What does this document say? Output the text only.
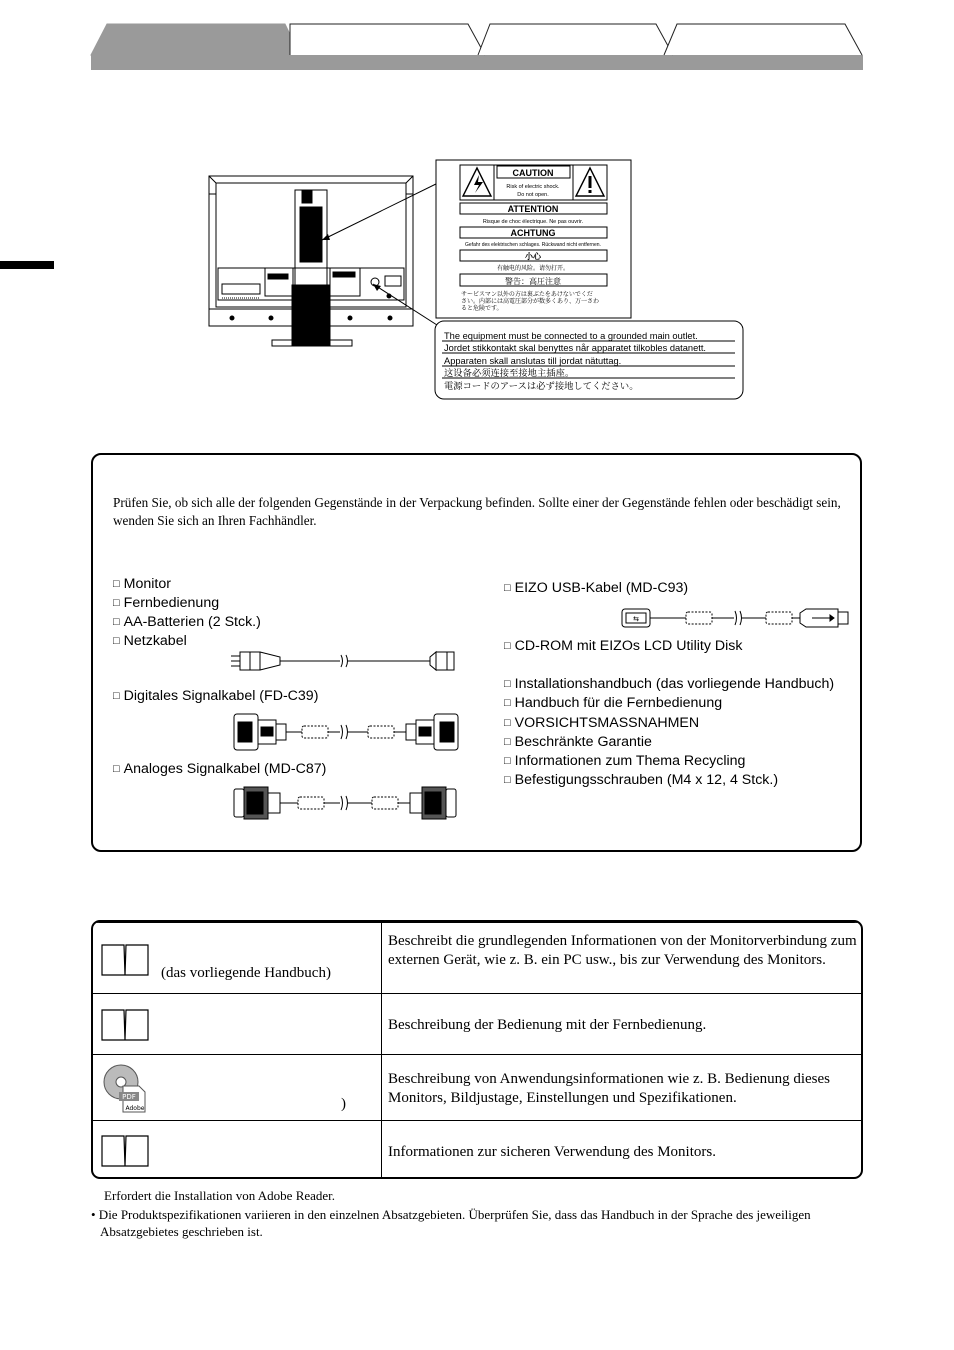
CAUTION
Risk of electric shock.
Do not open.
ATTENTION
Risque de choc électrique. Ne pas ouvrir.
ACHTUNG
Gefahr des elektrischen schlages. Rückwand nicht entfernen.
小心
有触电的风险。请勿打开。
警告：高圧注意
サービスマン以外の方は裏ぶたをあけないでくだ
さい。内部には高電圧部分が数多くあり、万一さわ
ると危険です。
The equipment must be connected to a grounded main outlet.
Jordet stikkontakt skal benyttes når apparatet tilkobles datanett.
Apparaten skall anslutas till jordat nätuttag.
这设备必须连接至接地主插座。
電源コードのアースは必ず接地してください。
Prüfen Sie, ob sich alle der folgenden Gegenstände in der Verpackung befinden. Sollte einer der Gegenstände fehlen oder beschädigt sein, wenden Sie sich an Ihren Fachhändler.
□ Monitor
□ Fernbedienung
□ AA-Batterien (2 Stck.)
□ Netzkabel
□ Digitales Signalkabel (FD-C39)
□ Analoges Signalkabel (MD-C87)
□ EIZO USB-Kabel (MD-C93)
□ CD-ROM mit EIZOs LCD Utility Disk
□ Installationshandbuch (das vorliegende Handbuch)
□ Handbuch für die Fernbedienung
□ VORSICHTSMASSNAHMEN
□ Beschränkte Garantie
□ Informationen zum Thema Recycling
□ Befestigungsschrauben (M4 x 12, 4 Stck.)
⇆
(das vorliegende Handbuch)
Beschreibt die grundlegenden Informationen von der Monitorverbindung zum externen Gerät, wie z. B. ein PC usw., bis zur Verwendung des Monitors.
Beschreibung der Bedienung mit der Fernbedienung.
PDF
Adobe	)
Beschreibung von Anwendungsinformationen wie z. B. Bedienung dieses Monitors, Bildjustage, Einstellungen und Spezifikationen.
Informationen zur sicheren Verwendung des Monitors.
Erfordert die Installation von Adobe Reader.
• Die Produktspezifikationen variieren in den einzelnen Absatzgebieten. Überprüfen Sie, dass das Handbuch in der Sprache des jeweiligen Absatzgebietes geschrieben ist.
